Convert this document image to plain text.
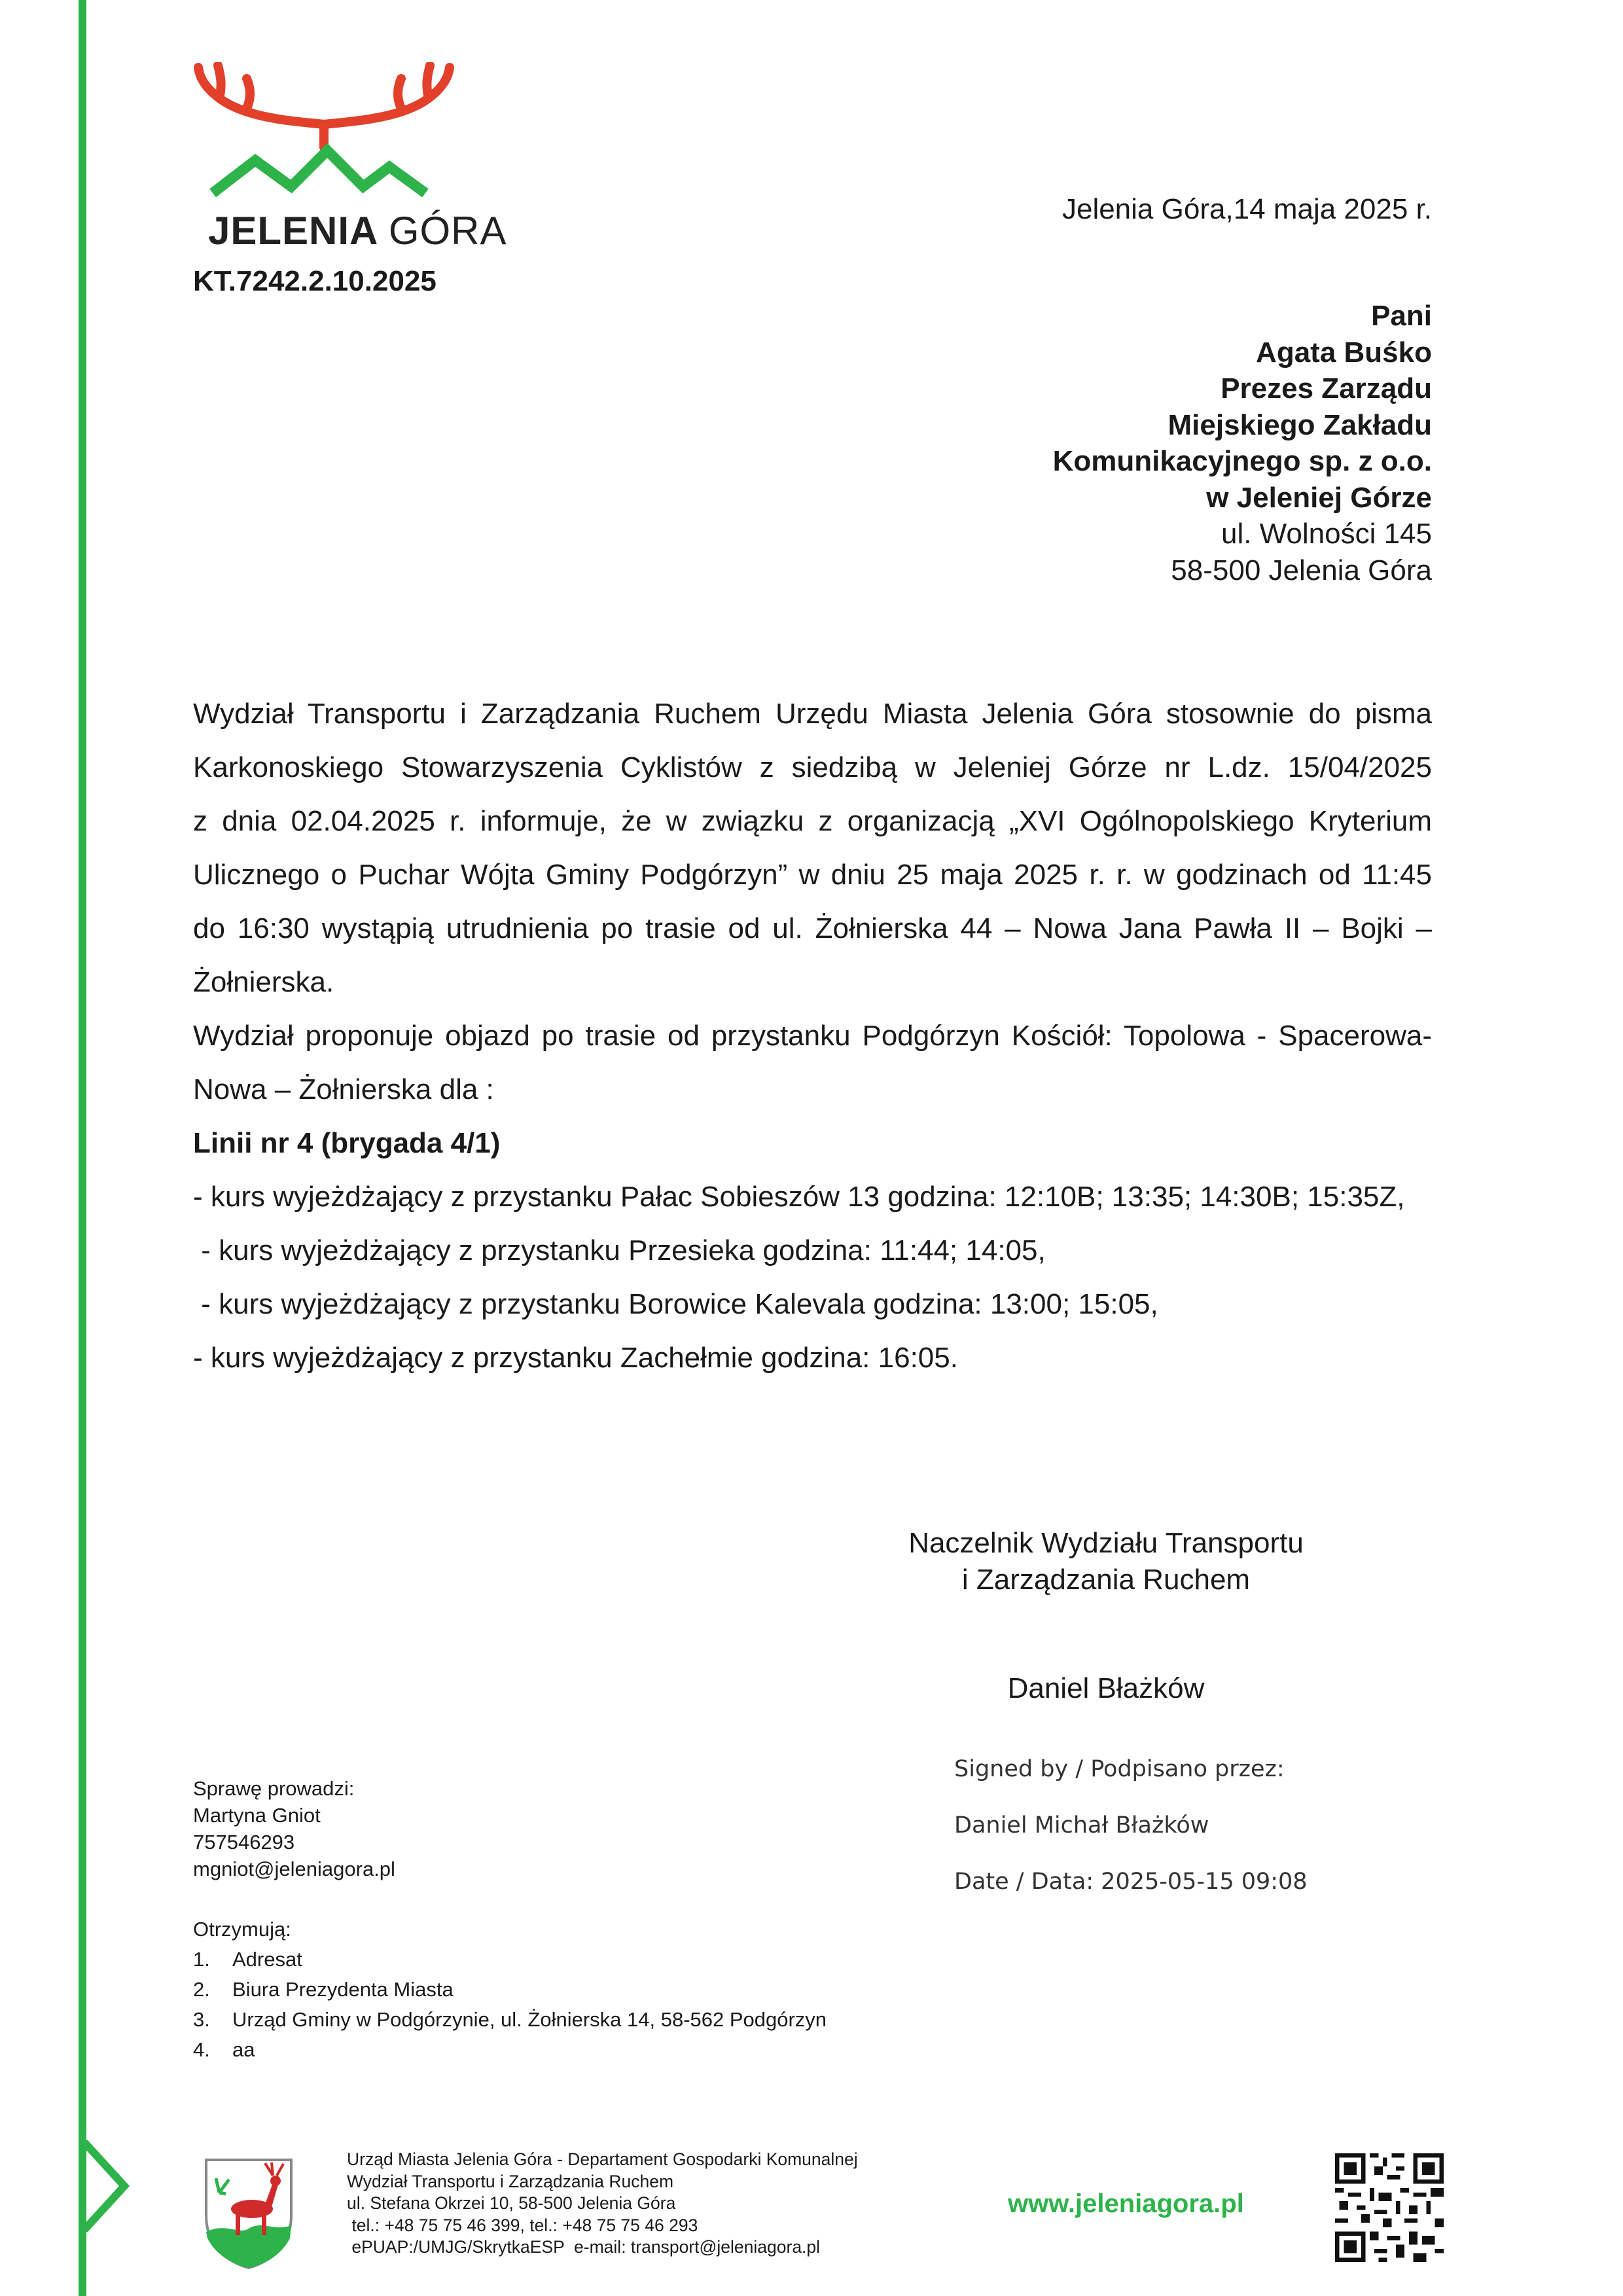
JELENIA GÓRA
KT.7242.2.10.2025
Jelenia Góra,14 maja 2025 r.
Pani
Agata Buśko
Prezes Zarządu
Miejskiego Zakładu
Komunikacyjnego sp. z o.o.
w Jeleniej Górze
ul. Wolności 145
58-500 Jelenia Góra

Wydział Transportu i Zarządzania Ruchem Urzędu Miasta Jelenia Góra stosownie do pisma

Karkonoskiego Stowarzyszenia Cyklistów z siedzibą w Jeleniej Górze nr L.dz. 15/04/2025

z dnia 02.04.2025 r. informuje, że w związku z organizacją „XVI Ogólnopolskiego Kryterium

Ulicznego o Puchar Wójta Gminy Podgórzyn” w dniu 25 maja 2025 r. r. w godzinach od 11:45

do 16:30 wystąpią utrudnienia po trasie od ul. Żołnierska 44 – Nowa Jana Pawła II – Bojki –

Żołnierska.

Wydział proponuje objazd po trasie od przystanku Podgórzyn Kościół: Topolowa - Spacerowa-

Nowa – Żołnierska dla :

Linii nr 4 (brygada 4/1)

- kurs wyjeżdżający z przystanku Pałac Sobieszów 13 godzina: 12:10B; 13:35; 14:30B; 15:35Z,

- kurs wyjeżdżający z przystanku Przesieka godzina: 11:44; 14:05,

- kurs wyjeżdżający z przystanku Borowice Kalevala godzina: 13:00; 15:05,

- kurs wyjeżdżający z przystanku Zachełmie godzina: 16:05.

Naczelnik Wydziału Transportu
i Zarządzania Ruchem
Daniel Błażków
Signed by / Podpisano przez:
Daniel Michał Błażków
Date / Data: 2025-05-15 09:08
Sprawę prowadzi:
Martyna Gniot
757546293
mgniot@jeleniagora.pl
Otrzymują:
1.	Adresat
2.	Biura Prezydenta Miasta
3.	Urząd Gminy w Podgórzynie, ul. Żołnierska 14, 58-562 Podgórzyn
4.	aa
Urząd Miasta Jelenia Góra - Departament Gospodarki Komunalnej
Wydział Transportu i Zarządzania Ruchem
ul. Stefana Okrzei 10, 58-500 Jelenia Góra
tel.: +48 75 75 46 399, tel.: +48 75 75 46 293
ePUAP:/UMJG/SkrytkaESP  e-mail: transport@jeleniagora.pl
www.jeleniagora.pl
